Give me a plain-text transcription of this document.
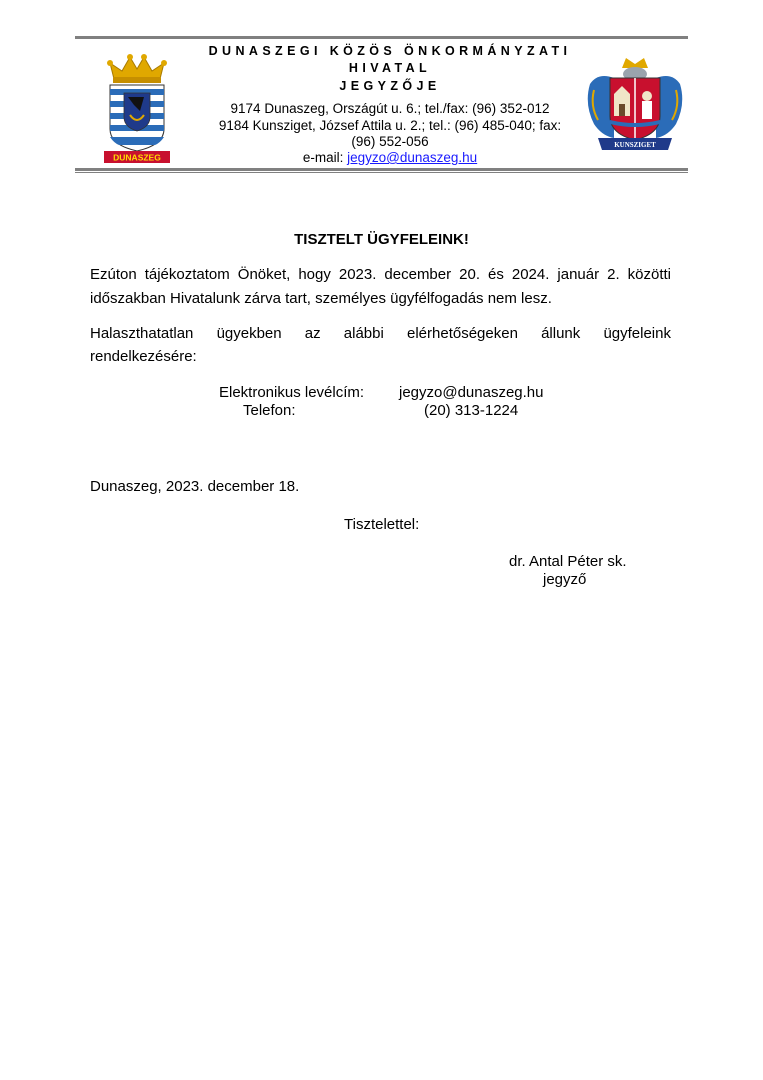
DUNASZEG
KUNSZIGET
DUNASZEGI KÖZÖS ÖNKORMÁNYZATI
HIVATAL
JEGYZŐJE
9174 Dunaszeg, Országút u. 6.; tel./fax: (96) 352-012
9184 Kunsziget, József Attila u. 2.; tel.: (96) 485-040; fax:
(96) 552-056
e-mail: jegyzo@dunaszeg.hu
TISZTELT ÜGYFELEINK!
Ezúton tájékoztatom Önöket, hogy 2023. december 20. és 2024. január 2. közötti
időszakban Hivatalunk zárva tart, személyes ügyfélfogadás nem lesz.
Halaszthatatlan ügyekben az alábbi elérhetőségeken állunk ügyfeleink
rendelkezésére:
Elektronikus levélcím: jegyzo@dunaszeg.hu
Telefon:	(20) 313-1224
Dunaszeg, 2023. december 18.
Tisztelettel:
dr. Antal Péter sk.
jegyző
